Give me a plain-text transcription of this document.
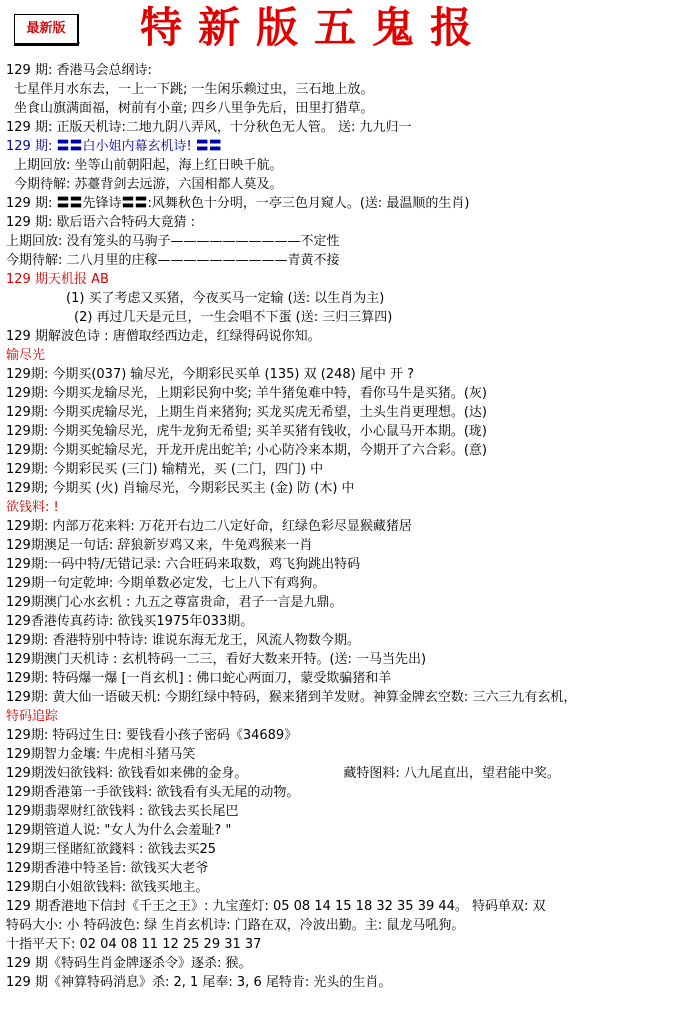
最新版	特新版五鬼报
129 期: 香港马会总纲诗:
七星伴月水东去，一上一下跳; 一生闲乐赖过虫，三石地上放。
坐食山旗满面福，树前有小童; 四乡八里争先后，田里打猎草。
129 期: 正版天机诗:二地九阴八弄风，十分秋色无人管。 送: 九九归一
129 期: 〓〓白小姐内幕玄机诗! 〓〓
上期回放: 坐等山前朝阳起，海上红日映千航。
今期待解: 苏薹背剑去远游，六国相都人莫及。
129 期: 〓〓先锋诗〓〓:风舞秋色十分明，一亭三色月窥人。(送: 最温顺的生肖)
129 期: 歇后语六合特码大竟猜 :
上期回放: 没有笼头的马驹子——————————不定性
今期待解: 二八月里的庄稼——————————青黄不接
129 期天机报 AB
(1) 买了考虑又买猪，今夜买马一定输 (送: 以生肖为主)
(2) 再过几天是元旦，一生会唱不下蛋 (送: 三归三算四)
129 期解波色诗 : 唐僧取经西边走，红绿得码说你知。
输尽光
129期: 今期买(037) 输尽光，今期彩民买单 (135) 双 (248) 尾中 开 ?
129期: 今期买龙输尽光，上期彩民狗中奖; 羊牛猪兔难中特，看你马牛是买猪。(灰)
129期: 今期买虎输尽光，上期生肖来猪狗; 买龙买虎无希望，土头生肖更理想。(达)
129期: 今期买兔输尽光，虎牛龙狗无希望; 买羊买猪有钱收，小心鼠马开本期。(珑)
129期: 今期买蛇输尽光，开龙开虎出蛇羊; 小心防冷来本期，今期开了六合彩。(意)
129期: 今期彩民买 (三门) 输精光，买 (二门，四门) 中
129期; 今期买 (火) 肖输尽光，今期彩民买主 (金) 防 (木) 中
欲钱料: !
129期: 内部万花来料: 万花开右边二八定好命，红绿色彩尽显猴藏猪居
129期澳足一句话: 辞狼新岁鸡又来，牛兔鸡猴来一肖
129期:一码中特/无错记录: 六合旺码来取数，鸡飞狗跳出特码
129期一句定乾坤: 今期单数必定发，七上八下有鸡狗。
129期澳门心水玄机 : 九五之尊富贵命，君子一言是九鼎。
129香港传真药诗: 欲钱买1975年033期。
129期: 香港特别中特诗: 谁说东海无龙王，风流人物数今期。
129期澳门天机诗 : 玄机特码一二三，看好大数来开特。(送: 一马当先出)
129期: 特码爆一爆 [一肖玄机] : 佛口蛇心两面刀，蒙受欺骗猪和羊
129期: 黄大仙一语破天机: 今期红绿中特码，猴来猪到羊发财。神算金牌玄空数: 三六三九有玄机，
特码追踪
129期: 特码过生日: 要钱看小孩子密码《34689》
129期智力金壤: 牛虎相斗猪马笑
129期泼妇欲钱料: 欲钱看如来佛的金身。	藏特图料: 八九尾直出，望君能中奖。
129期香港第一手欲钱料: 欲钱看有头无尾的动物。
129期翡翠财红欲钱料 : 欲钱去买长尾巴
129期管道人说: "女人为什么会羞耻? "
129期三怪賭紅欲錢料 : 欲钱去买25
129期香港中特圣旨: 欲钱买大老爷
129期白小姐欲钱料: 欲钱买地主。
129 期香港地下信封《千王之王》: 九宝莲灯: 05 08 14 15 18 32 35 39 44。 特码单双: 双
特码大小: 小 特码波色: 绿 生肖玄机诗: 门路在双，冷波出勤。主: 鼠龙马吼狗。
十指平天下: 02 04 08 11 12 25 29 31 37
129 期《特码生肖金牌逐杀令》逐杀: 猴。
129 期《神算特码消息》杀: 2, 1 尾奉: 3, 6 尾特肯: 光头的生肖。
